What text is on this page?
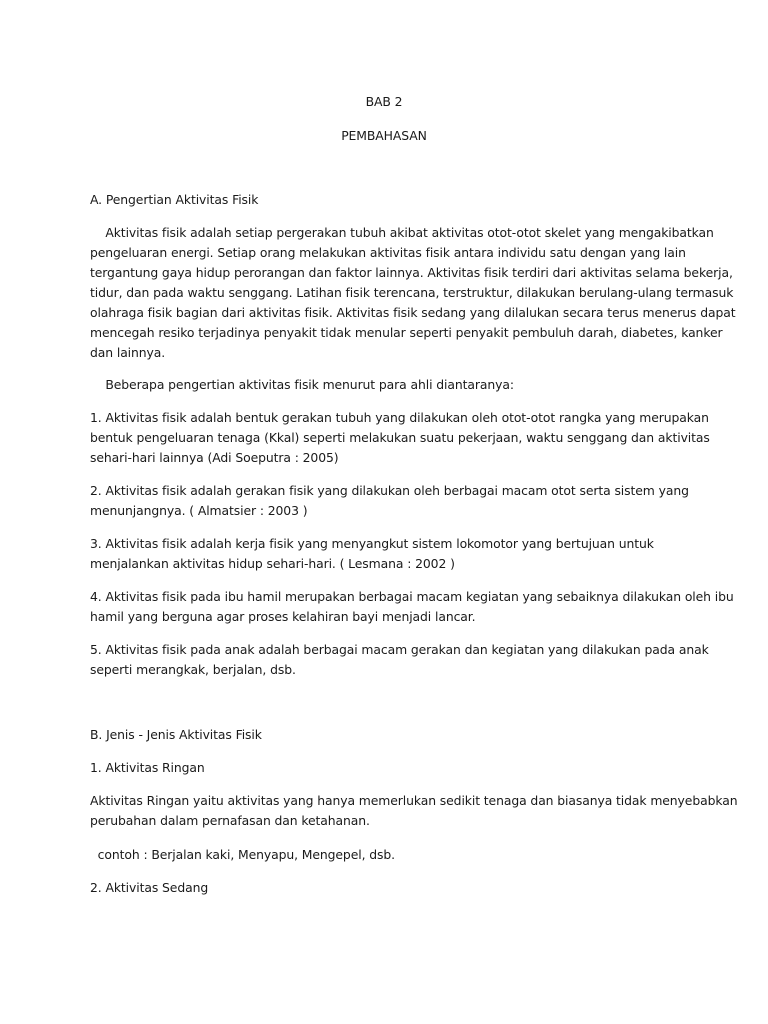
BAB 2
PEMBAHASAN
A. Pengertian Aktivitas Fisik
Aktivitas fisik adalah setiap pergerakan tubuh akibat aktivitas otot-otot skelet yang mengakibatkan
pengeluaran energi. Setiap orang melakukan aktivitas fisik antara individu satu dengan yang lain
tergantung gaya hidup perorangan dan faktor lainnya. Aktivitas fisik terdiri dari aktivitas selama bekerja,
tidur, dan pada waktu senggang. Latihan fisik terencana, terstruktur, dilakukan berulang-ulang termasuk
olahraga fisik bagian dari aktivitas fisik. Aktivitas fisik sedang yang dilalukan secara terus menerus dapat
mencegah resiko terjadinya penyakit tidak menular seperti penyakit pembuluh darah, diabetes, kanker
dan lainnya.
Beberapa pengertian aktivitas fisik menurut para ahli diantaranya:
1. Aktivitas fisik adalah bentuk gerakan tubuh yang dilakukan oleh otot-otot rangka yang merupakan
bentuk pengeluaran tenaga (Kkal) seperti melakukan suatu pekerjaan, waktu senggang dan aktivitas
sehari-hari lainnya (Adi Soeputra : 2005)
2. Aktivitas fisik adalah gerakan fisik yang dilakukan oleh berbagai macam otot serta sistem yang
menunjangnya. ( Almatsier : 2003 )
3. Aktivitas fisik adalah kerja fisik yang menyangkut sistem lokomotor yang bertujuan untuk
menjalankan aktivitas hidup sehari-hari. ( Lesmana : 2002 )
4. Aktivitas fisik pada ibu hamil merupakan berbagai macam kegiatan yang sebaiknya dilakukan oleh ibu
hamil yang berguna agar proses kelahiran bayi menjadi lancar.
5. Aktivitas fisik pada anak adalah berbagai macam gerakan dan kegiatan yang dilakukan pada anak
seperti merangkak, berjalan, dsb.
B. Jenis - Jenis Aktivitas Fisik
1. Aktivitas Ringan
Aktivitas Ringan yaitu aktivitas yang hanya memerlukan sedikit tenaga dan biasanya tidak menyebabkan
perubahan dalam pernafasan dan ketahanan.
contoh : Berjalan kaki, Menyapu, Mengepel, dsb.
2. Aktivitas Sedang
